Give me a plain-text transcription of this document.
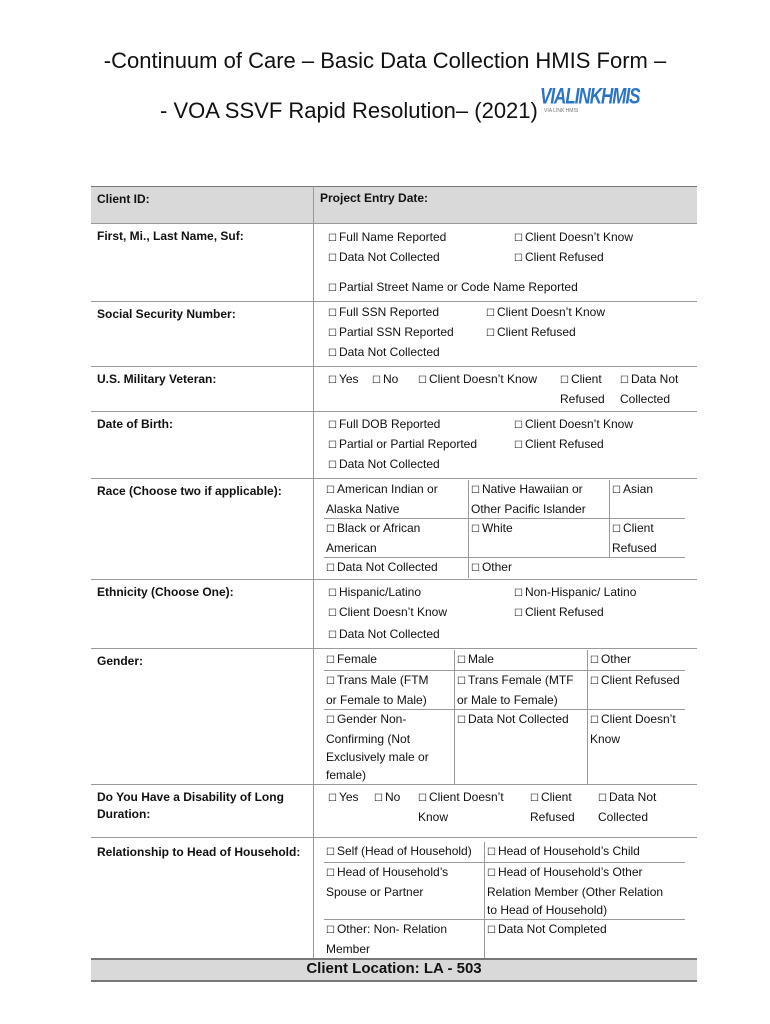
-Continuum of Care – Basic Data Collection HMIS Form –
- VOA SSVF Rapid Resolution– (2021)
VIALINKHMIS
VIA LINK HMIS
Client ID:	Project Entry Date:
First, Mi., Last Name, Suf:	
☐Full Name Reported	☐ Client Doesn’t Know
☐ Data Not Collected	☐ Client Refused
☐ Partial Street Name or Code Name Reported

Social Security Number:	
☐Full SSN Reported	☐ Client Doesn’t Know
☐ Partial SSN Reported	☐ Client Refused
☐ Data Not Collected

U.S. Military Veteran:	
☐Yes	☐ No	☐ Client Doesn’t Know	☐ Client
Refused
☐ Data Not
Collected

Date of Birth:	
☐Full DOB Reported	☐ Client Doesn’t Know
☐ Partial or Partial Reported	☐ Client Refused
☐ Data Not Collected

Race (Choose two if applicable):		☐ American Indian or
Alaska Native	☐ Native Hawaiian or
Other Pacific Islander	☐ Asian
☐ Black or African
American	☐ White	☐Client
Refused
☐ Data Not Collected	☐Other	

Ethnicity (Choose One):	
☐Hispanic/Latino	☐ Non-Hispanic/ Latino
☐ Client Doesn’t Know	☐ Client Refused
☐ Data Not Collected

Gender:		☐ Female	☐Male	☐Other
☐ Trans Male (FTM
or Female to Male)	☐ Trans Female (MTF
or Male to Female)	☐ Client Refused
☐ Gender Non-
Confirming (Not
Exclusively male or
female)	☐ Data Not Collected	☐Client Doesn’t
Know

Do You Have a Disability of Long Duration:	
☐ Yes	☐ No	☐ Client Doesn’t
Know
☐ Client
Refused
☐ Data Not
Collected

Relationship to Head of Household:		☐ Self (Head of Household)	☐Head of Household’s Child
☐ Head of Household’s
Spouse or Partner	☐ Head of Household’s Other
Relation Member (Other Relation
to Head of Household)
☐ Other: Non- Relation
Member	☐ Data Not Completed

Client Location: LA - 503
